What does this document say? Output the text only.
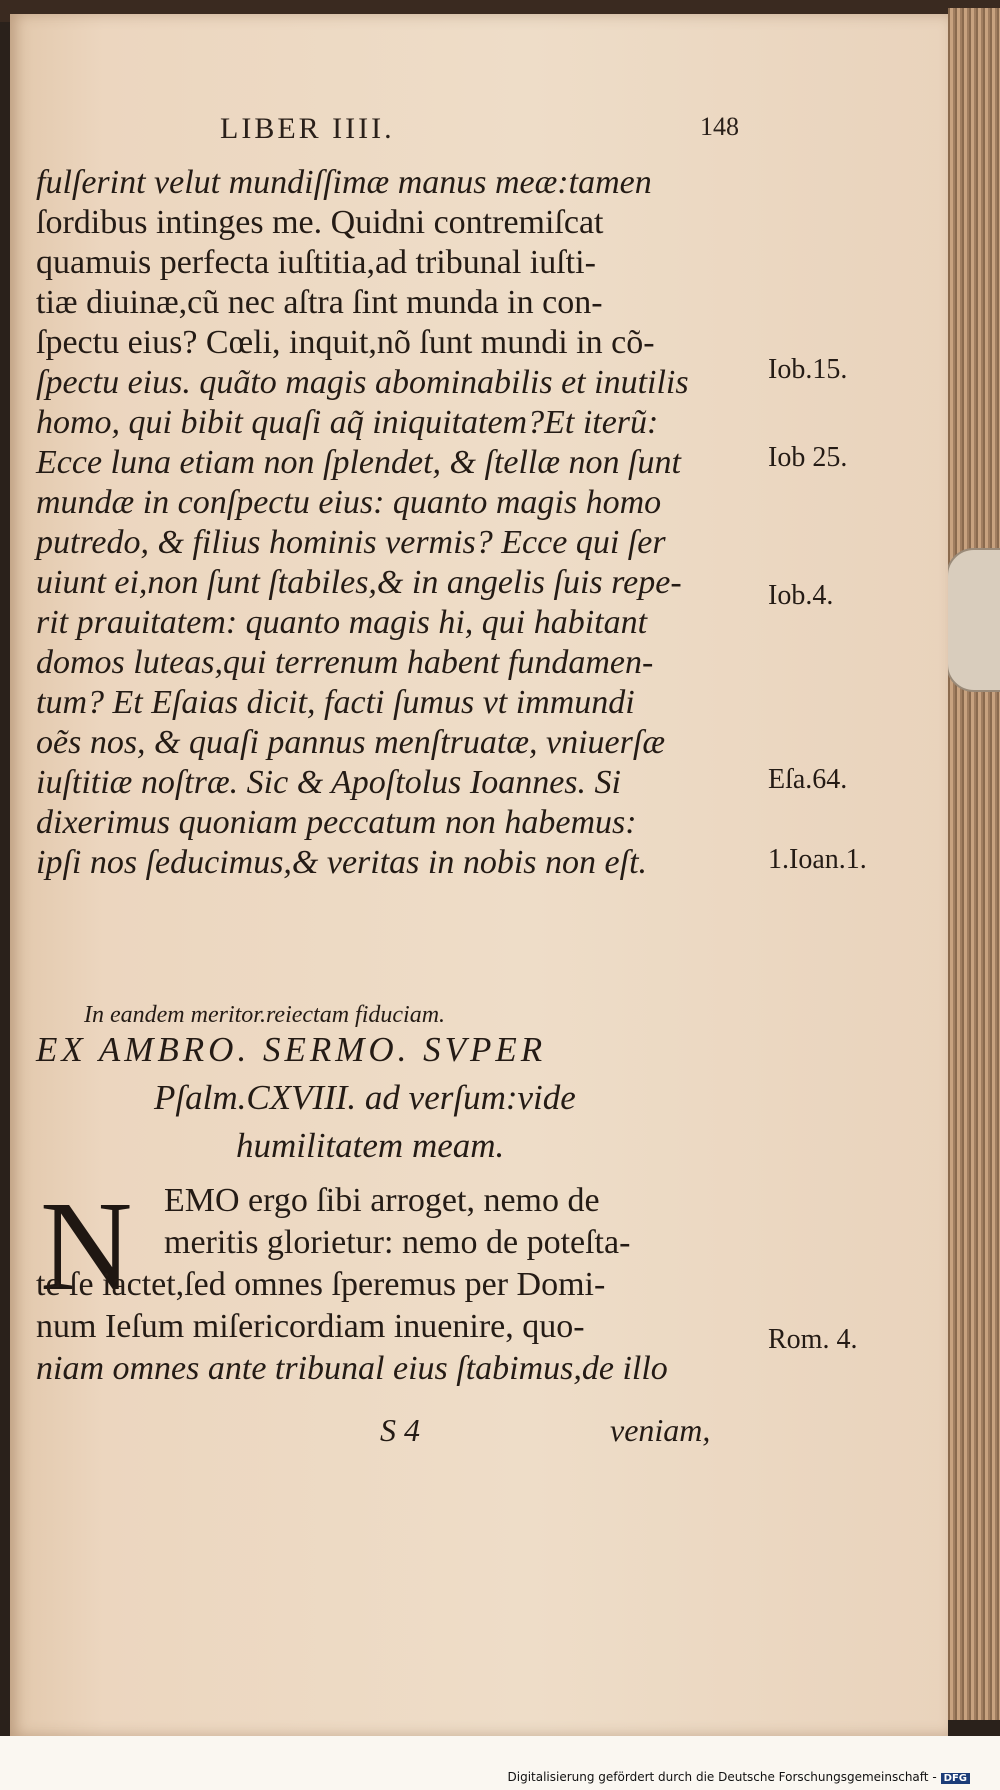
LIBER IIII.	148
fulſerint velut mundiſſimæ manus meæ:tamen
ſordibus intinges me. Quidni contremiſcat
quamuis perfecta iuſtitia,ad tribunal iuſti-
tiæ diuinæ,cũ nec aſtra ſint munda in con-
ſpectu eius? Cœli, inquit,nõ ſunt mundi in cõ-
ſpectu eius. quãto magis abominabilis et inutilis
homo, qui bibit quaſi aq̃ iniquitatem?Et iterũ:
Ecce luna etiam non ſplendet, & ſtellæ non ſunt
mundæ in conſpectu eius: quanto magis homo
putredo, & filius hominis vermis? Ecce qui ſer
uiunt ei,non ſunt ſtabiles,& in angelis ſuis repe-
rit prauitatem: quanto magis hi, qui habitant
domos luteas,qui terrenum habent fundamen-
tum? Et Eſaias dicit, facti ſumus vt immundi
oẽs nos, & quaſi pannus menſtruatæ, vniuerſæ
iuſtitiæ noſtræ. Sic & Apoſtolus Ioannes. Si
dixerimus quoniam peccatum non habemus:
ipſi nos ſeducimus,& veritas in nobis non eſt.
Iob.15.
Iob 25.
Iob.4.
Eſa.64.
1.Ioan.1.
Rom. 4.
In eandem meritor.reiectam fiduciam.
EX AMBRO. SERMO. SVPER
Pſalm.CXVIII. ad verſum:vide
humilitatem meam.
N EMO ergo ſibi arroget, nemo de
meritis glorietur: nemo de poteſta-
te ſe iactet,ſed omnes ſperemus per Domi-
num Ieſum miſericordiam inuenire, quo-
niam omnes ante tribunal eius ſtabimus,de illo
S 4	veniam,
Digitalisierung gefördert durch die Deutsche Forschungsgemeinschaft - DFG
